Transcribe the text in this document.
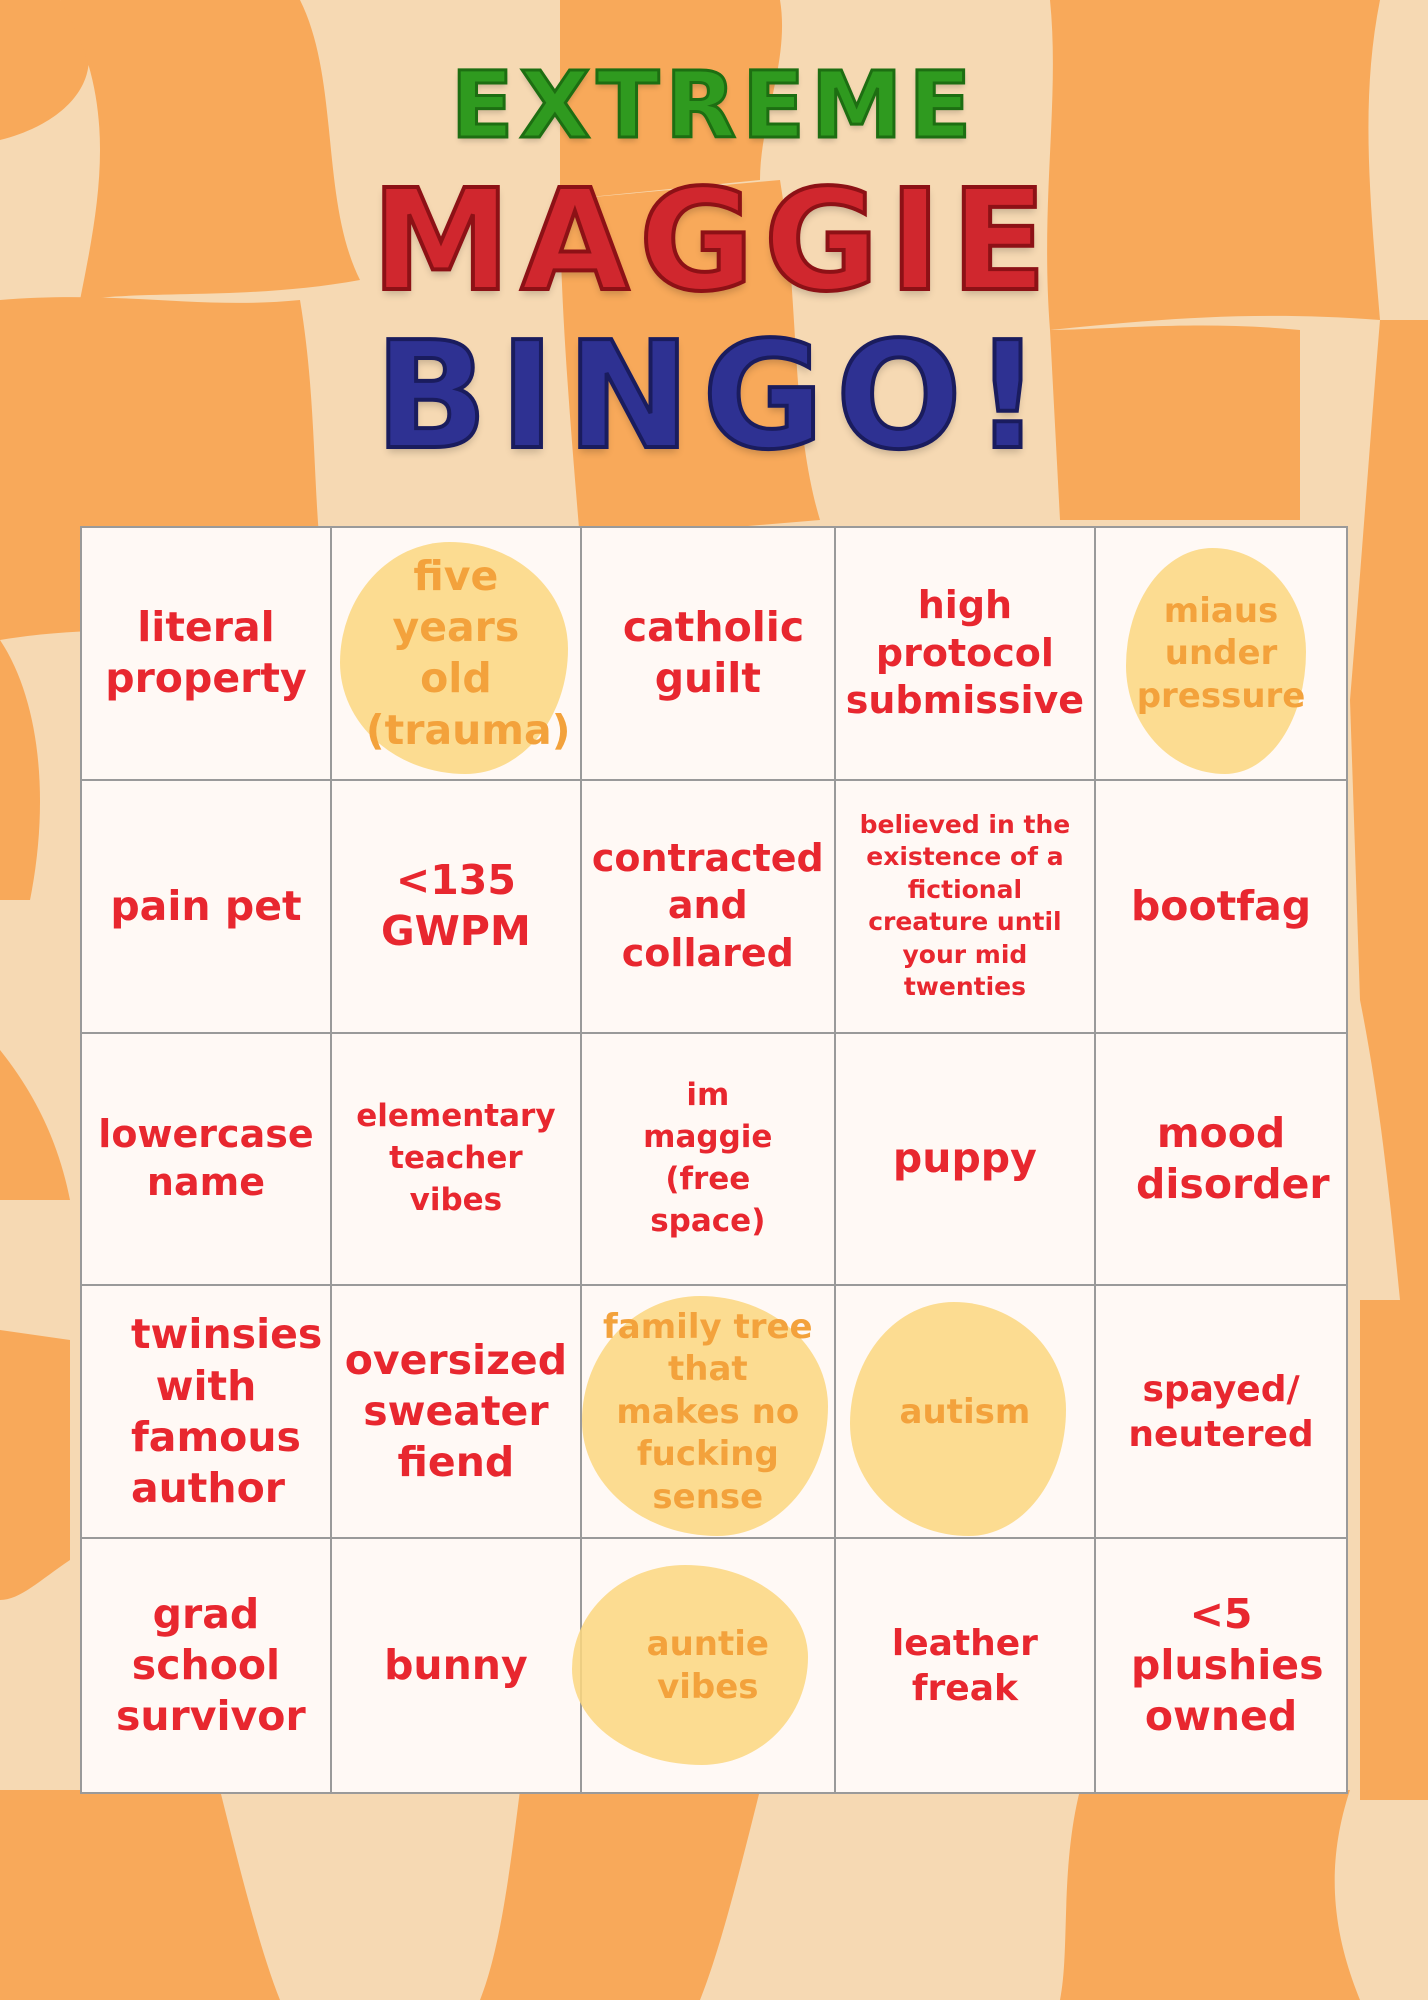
EXTREME
MAGGIE
BINGO!
literal property
five years old (trauma)
catholic guilt
high protocol submissive
miaus under pressure
pain pet
<135 GWPM
contracted and collared
believed in the existence of a fictional creature until your mid twenties
bootfag
lowercase name
elementary teacher vibes
im maggie (free space)
puppy
mood disorder
twinsies with famous author
oversized sweater fiend
family tree that makes no fucking sense
autism
spayed/ neutered
grad school survivor
bunny	auntie vibes
leather freak
<5 plushies owned
